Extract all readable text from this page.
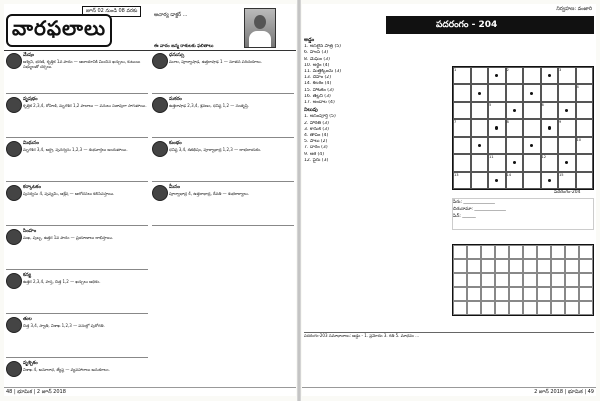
జూన్ 02 నుండి 08 వరకు
వారఫలాలు
ఆచార్య డాక్టర్ ...
ఈ వారం జన్మ రాశులకు ఫలితాలు
మేషం
అశ్విని, భరణి, కృత్తిక 1వ పాదం — ఆదాయానికి మించిన ఖర్చులు, కుటుంబ సభ్యులతో చర్చలు.
వృషభం
కృత్తిక 2,3,4, రోహిణి, మృగశిర 1,2 పాదాలు — పనులు సజావుగా సాగుతాయి.
మిథునం
మృగశిర 3,4, ఆర్ద్ర, పునర్వసు 1,2,3 — శుభవార్తలు అందుతాయి.
కర్కాటకం
పునర్వసు 4, పుష్యమి, ఆశ్లేష — ఆలోచనలు కలిసివస్తాయి.
సింహం
మఖ, పుబ్బ, ఉత్తర 1వ పాదం — ప్రయాణాలు లాభిస్తాయి.
కన్య
ఉత్తర 2,3,4, హస్త, చిత్త 1,2 — ఖర్చులు అధికం.
తుల
చిత్త 3,4, స్వాతి, విశాఖ 1,2,3 — పనుల్లో పురోగతి.
వృశ్చికం
విశాఖ 4, అనూరాధ, జ్యేష్ఠ — వ్యవహారాలు అనుకూలం.
ధనుస్సు
మూల, పూర్వాషాఢ, ఉత్తరాషాఢ 1 — నూతన పరిచయాలు.
మకరం
ఉత్తరాషాఢ 2,3,4, శ్రవణం, ధనిష్ఠ 1,2 — సంతృప్తి.
కుంభం
ధనిష్ఠ 3,4, శతభిషం, పూర్వాభాద్ర 1,2,3 — లాభదాయకం.
మీనం
పూర్వాభాద్ర 4, ఉత్తరాభాద్ర, రేవతి — శుభకార్యాలు.
48 | భూమిక | 2 జూన్ 2018
నిర్వహణ: వంజారి
పదరంగం - 204
అడ్డం
1. అసలైన పాత్ర (5)
6. హంస (3)
8. మేఘం (3)
10. అర్థం (4)
11. మత్తెక్కించు (3)
13. దేహం (2)
14. కలశం (4)
15. హాటకం (3)
16. తెల్లని (3)
17. అందాల (4)
నిలువు
1. అసంపూర్తి (5)
2. హారతి (3)
3. కానుక (3)
4. తాపం (4)
5. పాలు (2)
7. దారం (3)
9. ఆశ (4)
12. పైరు (3)
1	2	3
4
5	6
7	8	9
10
11	12
13	14	15
పదరంగం-204
పేరు: ______________
చిరునామా: ______________
పిన్: ______
పదరంగం-203 సమాధానాలు: అడ్డం - 1. ప్రమోదం 3. గతి 5. మాధవం ...
2 జూన్ 2018 | భూమిక | 49
